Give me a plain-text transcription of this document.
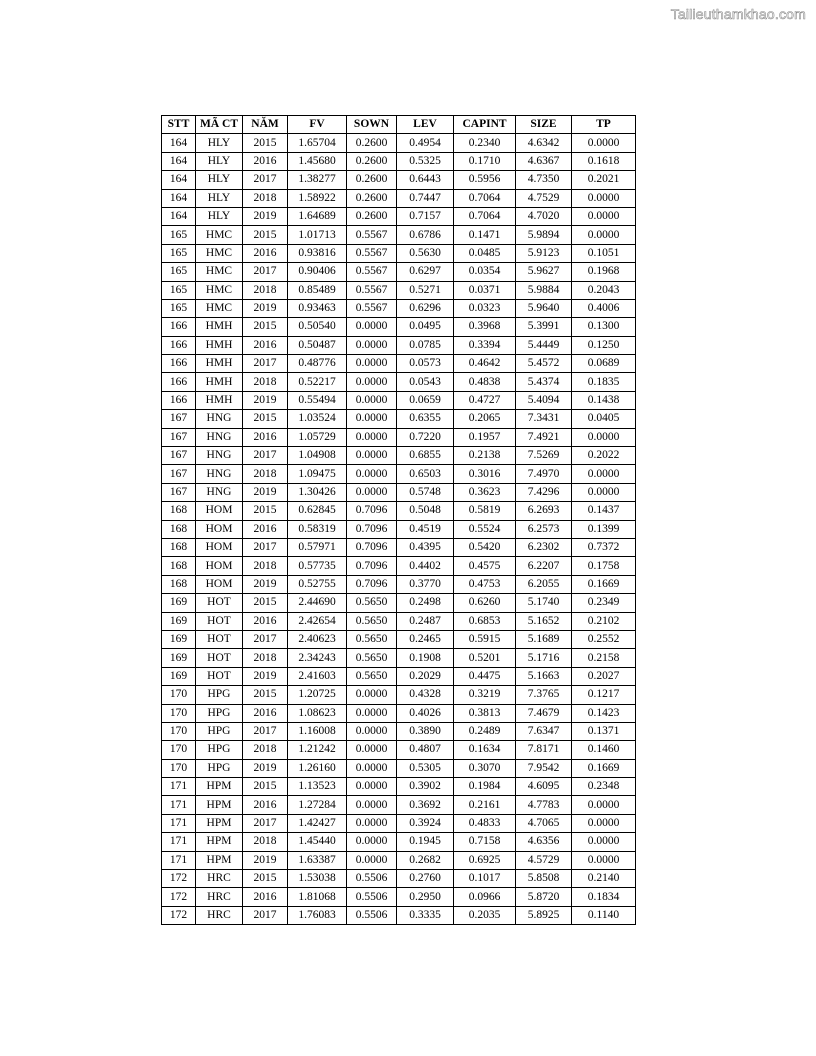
Tailieuthamkhao.com
STT	MÃ CT	NĂM	FV	SOWN	LEV	CAPINT	SIZE	TP
164	HLY	2015	1.65704	0.2600	0.4954	0.2340	4.6342	0.0000
164	HLY	2016	1.45680	0.2600	0.5325	0.1710	4.6367	0.1618
164	HLY	2017	1.38277	0.2600	0.6443	0.5956	4.7350	0.2021
164	HLY	2018	1.58922	0.2600	0.7447	0.7064	4.7529	0.0000
164	HLY	2019	1.64689	0.2600	0.7157	0.7064	4.7020	0.0000
165	HMC	2015	1.01713	0.5567	0.6786	0.1471	5.9894	0.0000
165	HMC	2016	0.93816	0.5567	0.5630	0.0485	5.9123	0.1051
165	HMC	2017	0.90406	0.5567	0.6297	0.0354	5.9627	0.1968
165	HMC	2018	0.85489	0.5567	0.5271	0.0371	5.9884	0.2043
165	HMC	2019	0.93463	0.5567	0.6296	0.0323	5.9640	0.4006
166	HMH	2015	0.50540	0.0000	0.0495	0.3968	5.3991	0.1300
166	HMH	2016	0.50487	0.0000	0.0785	0.3394	5.4449	0.1250
166	HMH	2017	0.48776	0.0000	0.0573	0.4642	5.4572	0.0689
166	HMH	2018	0.52217	0.0000	0.0543	0.4838	5.4374	0.1835
166	HMH	2019	0.55494	0.0000	0.0659	0.4727	5.4094	0.1438
167	HNG	2015	1.03524	0.0000	0.6355	0.2065	7.3431	0.0405
167	HNG	2016	1.05729	0.0000	0.7220	0.1957	7.4921	0.0000
167	HNG	2017	1.04908	0.0000	0.6855	0.2138	7.5269	0.2022
167	HNG	2018	1.09475	0.0000	0.6503	0.3016	7.4970	0.0000
167	HNG	2019	1.30426	0.0000	0.5748	0.3623	7.4296	0.0000
168	HOM	2015	0.62845	0.7096	0.5048	0.5819	6.2693	0.1437
168	HOM	2016	0.58319	0.7096	0.4519	0.5524	6.2573	0.1399
168	HOM	2017	0.57971	0.7096	0.4395	0.5420	6.2302	0.7372
168	HOM	2018	0.57735	0.7096	0.4402	0.4575	6.2207	0.1758
168	HOM	2019	0.52755	0.7096	0.3770	0.4753	6.2055	0.1669
169	HOT	2015	2.44690	0.5650	0.2498	0.6260	5.1740	0.2349
169	HOT	2016	2.42654	0.5650	0.2487	0.6853	5.1652	0.2102
169	HOT	2017	2.40623	0.5650	0.2465	0.5915	5.1689	0.2552
169	HOT	2018	2.34243	0.5650	0.1908	0.5201	5.1716	0.2158
169	HOT	2019	2.41603	0.5650	0.2029	0.4475	5.1663	0.2027
170	HPG	2015	1.20725	0.0000	0.4328	0.3219	7.3765	0.1217
170	HPG	2016	1.08623	0.0000	0.4026	0.3813	7.4679	0.1423
170	HPG	2017	1.16008	0.0000	0.3890	0.2489	7.6347	0.1371
170	HPG	2018	1.21242	0.0000	0.4807	0.1634	7.8171	0.1460
170	HPG	2019	1.26160	0.0000	0.5305	0.3070	7.9542	0.1669
171	HPM	2015	1.13523	0.0000	0.3902	0.1984	4.6095	0.2348
171	HPM	2016	1.27284	0.0000	0.3692	0.2161	4.7783	0.0000
171	HPM	2017	1.42427	0.0000	0.3924	0.4833	4.7065	0.0000
171	HPM	2018	1.45440	0.0000	0.1945	0.7158	4.6356	0.0000
171	HPM	2019	1.63387	0.0000	0.2682	0.6925	4.5729	0.0000
172	HRC	2015	1.53038	0.5506	0.2760	0.1017	5.8508	0.2140
172	HRC	2016	1.81068	0.5506	0.2950	0.0966	5.8720	0.1834
172	HRC	2017	1.76083	0.5506	0.3335	0.2035	5.8925	0.1140
